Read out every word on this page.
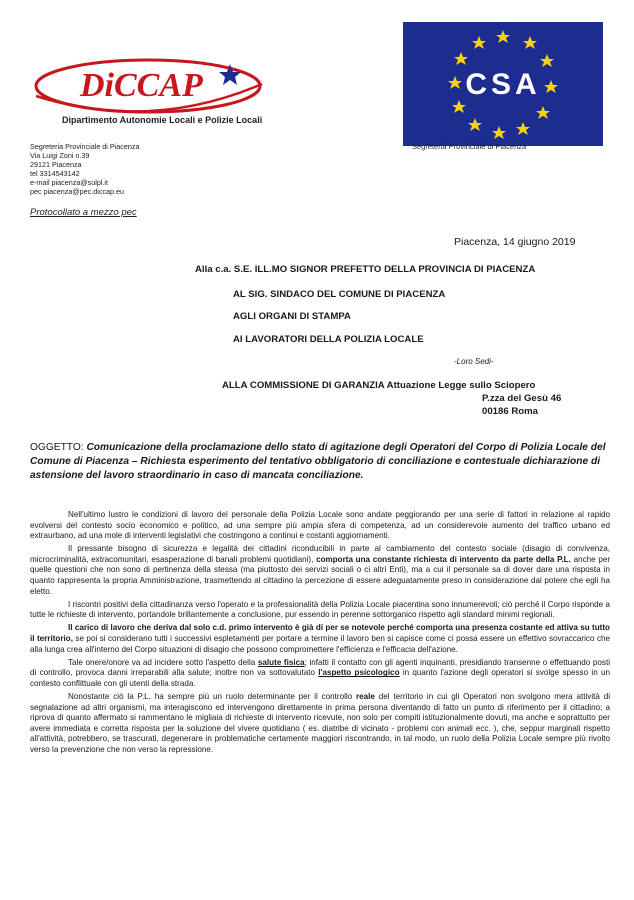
DiCCAP
Dipartimento Autonomie Locali e Polizie Locali
CSA
Segreteria Provinciale di Piacenza
Segreteria Provinciale di Piacenza
Via Luigi Zoni n.39
29121 Piacenza
tel 3314543142
e-mail piacenza@sulpl.it
pec piacenza@pec.diccap.eu
Protocollato a mezzo pec
Piacenza, 14 giugno 2019
Alla c.a. S.E. ILL.MO SIGNOR PREFETTO DELLA PROVINCIA DI PIACENZA
AL SIG. SINDACO DEL COMUNE DI PIACENZA
AGLI ORGANI DI STAMPA
AI LAVORATORI DELLA POLIZIA LOCALE
-Loro Sedi-
ALLA COMMISSIONE DI GARANZIA Attuazione Legge sullo Sciopero
P.zza del Gesù 46
00186 Roma
OGGETTO: Comunicazione della proclamazione dello stato di agitazione degli Operatori del Corpo di Polizia Locale del Comune di Piacenza – Richiesta esperimento del tentativo obbligatorio di conciliazione e contestuale dichiarazione di astensione del lavoro straordinario in caso di mancata conciliazione.

Nell'ultimo lustro le condizioni di lavoro del personale della Polizia Locale sono andate peggiorando per una serie di fattori in relazione al rapido evolversi del contesto socio economico e politico, ad una sempre più ampia sfera di competenza, ad un considerevole aumento del traffico urbano ed extraurbano, ad una mole di interventi legislativi che costringono a continui e costanti aggiornamenti.

Il pressante bisogno di sicurezza e legalità dei cittadini riconducibili in parte al cambiamento del contesto sociale (disagio di convivenza, microcriminalità, extracomunitari, esasperazione di banali problemi quotidiani), comporta una constante richiesta di intervento da parte della P.L. anche per quelle questioni che non sono di pertinenza della stessa (ma piuttosto dei servizi sociali o ci altri Enti), ma a cui il personale sa di dover dare una risposta in quanto rappresenta la propria Amministrazione, trasmettendo al cittadino la percezione di essere adeguatamente preso in considerazione dal potere che egli ha eletto.

I riscontri positivi della cittadinanza verso l'operato e la professionalità della Polizia Locale piacentina sono innumerevoli; ciò perché il Corpo risponde a tutte le richieste di intervento, portandole brillantemente a conclusione, pur essendo in perenne sottorganico rispetto agli standard minimi regionali.

Il carico di lavoro che deriva dal solo c.d. primo intervento è già di per se notevole perché comporta una presenza costante ed attiva su tutto il territorio, se poi si considerano tutti i successivi espletamenti per portare a termine il lavoro ben si capisce come ci possa essere un effettivo sovraccarico che alla lunga crea all'interno del Corpo situazioni di disagio che possono compromettere l'efficienza e l'efficacia dell'azione.

Tale onere/onore va ad incidere sotto l'aspetto della salute fisica; infatti il contatto con gli agenti inquinanti, presidiando transenne o effettuando posti di controllo, provoca danni irreparabili alla salute; inoltre non va sottovalutato l'aspetto psicologico in quanto l'azione degli operatori si svolge spesso in un contesto conflittuale con gli utenti della strada.

Nonostante ciò la P.L. ha sempre più un ruolo determinante per il controllo reale del territorio in cui gli Operatori non svolgono mera attività di segnalazione ad altri organismi, ma interagiscono ed intervengono direttamente in prima persona diventando di fatto un punto di riferimento per il cittadino; a riprova di quanto affermato si rammentano le migliaia di richieste di intervento ricevute, non solo per compiti istituzionalmente dovuti, ma anche e soprattutto per avere immediata e corretta risposta per la soluzione del vivere quotidiano ( es. diatribe di vicinato - problemi con animali ecc. ), che, seppur marginali rispetto all'attività, potrebbero, se trascurati, degenerare in problematiche certamente maggiori riscontrando, in tal modo, un ruolo della Polizia Locale sempre più rivolto verso la prevenzione che non verso la repressione.
